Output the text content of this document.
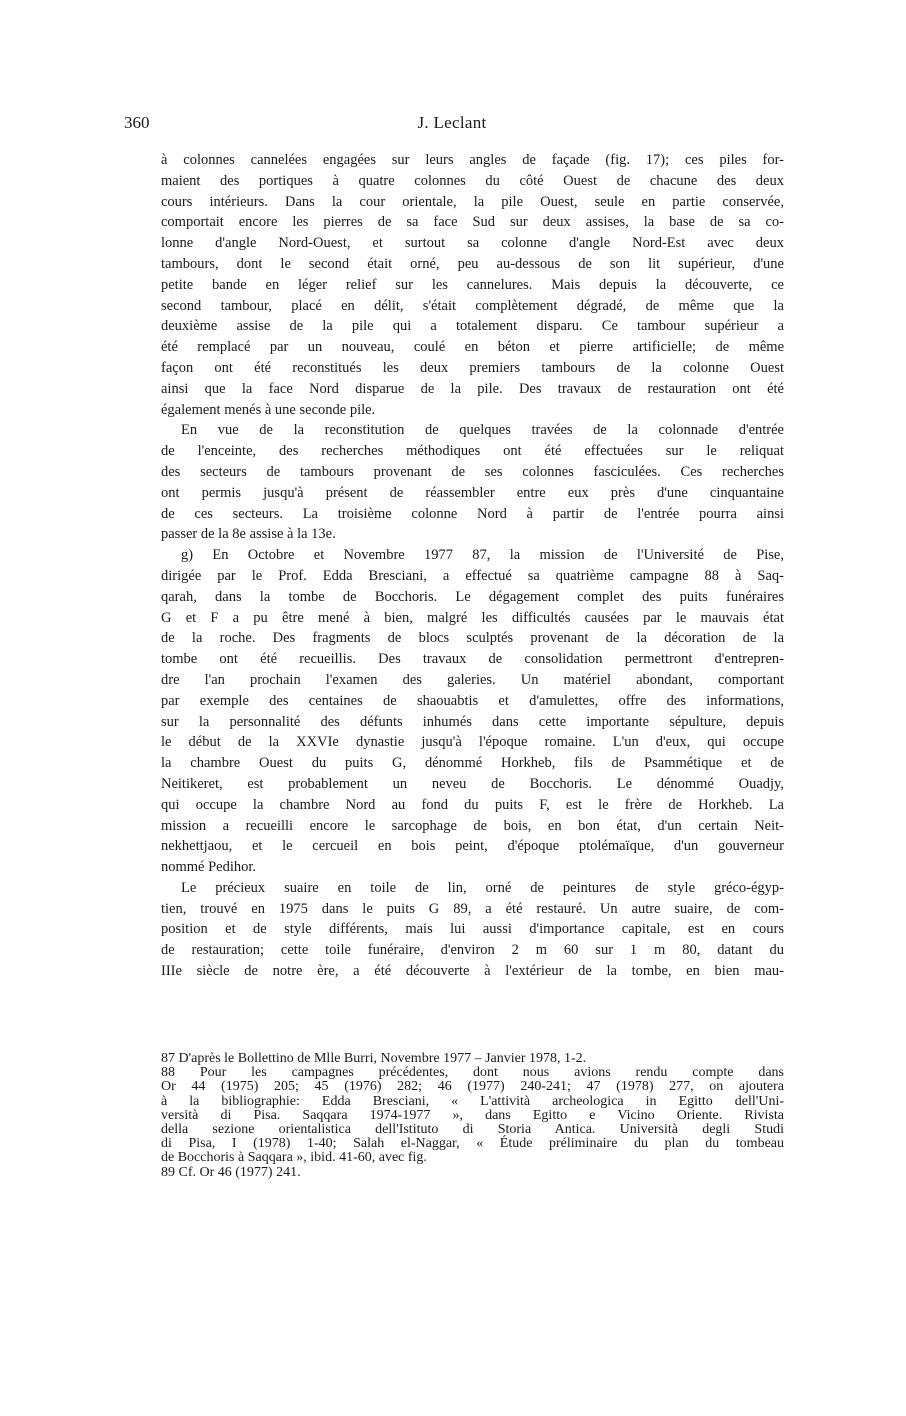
360	J. Leclant
à colonnes cannelées engagées sur leurs angles de façade (fig. 17); ces piles for-
maient des portiques à quatre colonnes du côté Ouest de chacune des deux
cours intérieurs. Dans la cour orientale, la pile Ouest, seule en partie conservée,
comportait encore les pierres de sa face Sud sur deux assises, la base de sa co-
lonne d'angle Nord-Ouest, et surtout sa colonne d'angle Nord-Est avec deux
tambours, dont le second était orné, peu au-dessous de son lit supérieur, d'une
petite bande en léger relief sur les cannelures. Mais depuis la découverte, ce
second tambour, placé en délit, s'était complètement dégradé, de même que la
deuxième assise de la pile qui a totalement disparu. Ce tambour supérieur a
été remplacé par un nouveau, coulé en béton et pierre artificielle; de même
façon ont été reconstitués les deux premiers tambours de la colonne Ouest
ainsi que la face Nord disparue de la pile. Des travaux de restauration ont été
également menés à une seconde pile.
En vue de la reconstitution de quelques travées de la colonnade d'entrée
de l'enceinte, des recherches méthodiques ont été effectuées sur le reliquat
des secteurs de tambours provenant de ses colonnes fasciculées. Ces recherches
ont permis jusqu'à présent de réassembler entre eux près d'une cinquantaine
de ces secteurs. La troisième colonne Nord à partir de l'entrée pourra ainsi
passer de la 8e assise à la 13e.
g) En Octobre et Novembre 1977 87, la mission de l'Université de Pise,
dirigée par le Prof. Edda Bresciani, a effectué sa quatrième campagne 88 à Saq-
qarah, dans la tombe de Bocchoris. Le dégagement complet des puits funéraires
G et F a pu être mené à bien, malgré les difficultés causées par le mauvais état
de la roche. Des fragments de blocs sculptés provenant de la décoration de la
tombe ont été recueillis. Des travaux de consolidation permettront d'entrepren-
dre l'an prochain l'examen des galeries. Un matériel abondant, comportant
par exemple des centaines de shaouabtis et d'amulettes, offre des informations,
sur la personnalité des défunts inhumés dans cette importante sépulture, depuis
le début de la XXVIe dynastie jusqu'à l'époque romaine. L'un d'eux, qui occupe
la chambre Ouest du puits G, dénommé Horkheb, fils de Psammétique et de
Neitikeret, est probablement un neveu de Bocchoris. Le dénommé Ouadjy,
qui occupe la chambre Nord au fond du puits F, est le frère de Horkheb. La
mission a recueilli encore le sarcophage de bois, en bon état, d'un certain Neit-
nekhettjaou, et le cercueil en bois peint, d'époque ptolémaïque, d'un gouverneur
nommé Pedihor.
Le précieux suaire en toile de lin, orné de peintures de style gréco-égyp-
tien, trouvé en 1975 dans le puits G 89, a été restauré. Un autre suaire, de com-
position et de style différents, mais lui aussi d'importance capitale, est en cours
de restauration; cette toile funéraire, d'environ 2 m 60 sur 1 m 80, datant du
IIIe siècle de notre ère, a été découverte à l'extérieur de la tombe, en bien mau-
87 D'après le Bollettino de Mlle Burri, Novembre 1977 – Janvier 1978, 1-2.
88 Pour les campagnes précédentes, dont nous avions rendu compte dans
Or 44 (1975) 205; 45 (1976) 282; 46 (1977) 240-241; 47 (1978) 277, on ajoutera
à la bibliographie: Edda Bresciani, « L'attività archeologica in Egitto dell'Uni-
versità di Pisa. Saqqara 1974-1977 », dans Egitto e Vicino Oriente. Rivista
della sezione orientalistica dell'Istituto di Storia Antica. Università degli Studi
di Pisa, I (1978) 1-40; Salah el-Naggar, « Étude préliminaire du plan du tombeau
de Bocchoris à Saqqara », ibid. 41-60, avec fig.
89 Cf. Or 46 (1977) 241.
